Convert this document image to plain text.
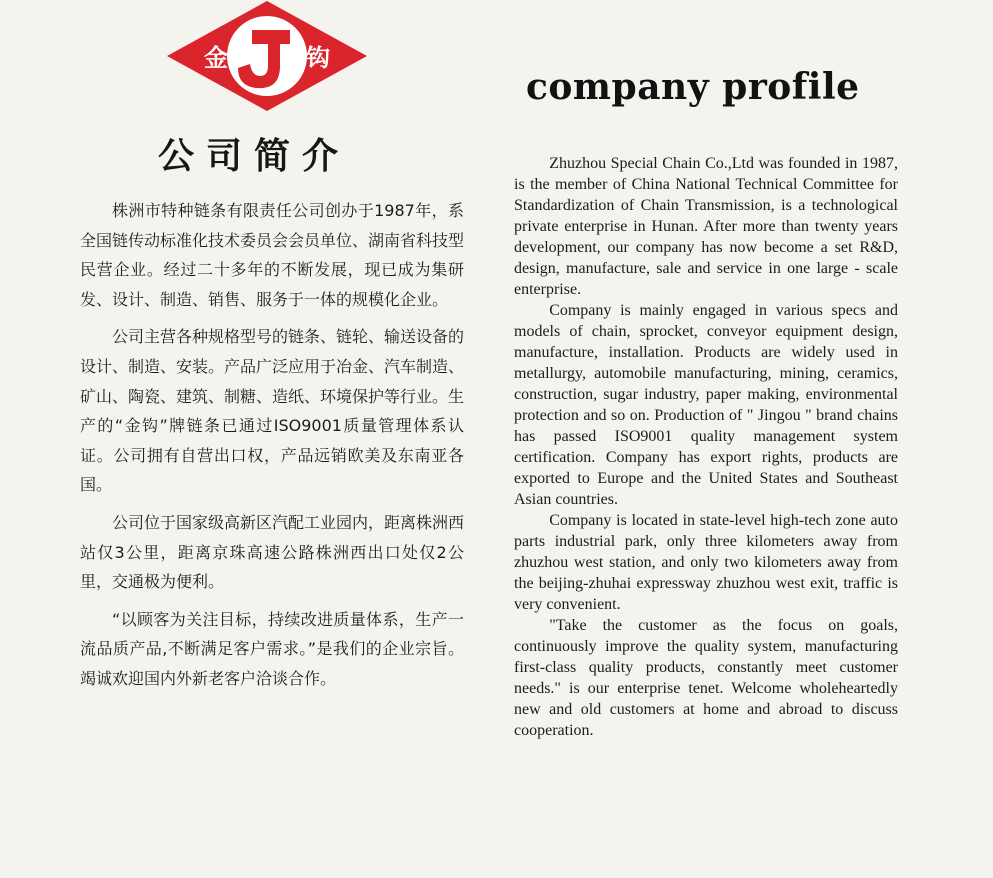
金	钩
公司简介
company profile

株洲市特种链条有限责任公司创办于1987年，系全国链传动标准化技术委员会会员单位、湖南省科技型民营企业。经过二十多年的不断发展，现已成为集研发、设计、制造、销售、服务于一体的规模化企业。

公司主营各种规格型号的链条、链轮、输送设备的设计、制造、安装。产品广泛应用于冶金、汽车制造、矿山、陶瓷、建筑、制糖、造纸、环境保护等行业。生产的“金钩”牌链条已通过ISO9001质量管理体系认证。公司拥有自营出口权，产品远销欧美及东南亚各国。

公司位于国家级高新区汽配工业园内，距离株洲西站仅3公里，距离京珠高速公路株洲西出口处仅2公里，交通极为便利。

“以顾客为关注目标，持续改进质量体系，生产一流品质产品,不断满足客户需求。”是我们的企业宗旨。竭诚欢迎国内外新老客户洽谈合作。

Zhuzhou Special Chain Co.,Ltd was founded in 1987, is the member of China National Technical Committee for Standardization of Chain Transmission, is a technological private enterprise in Hunan. After more than twenty years development, our company has now become a set R&D, design, manufacture, sale and service in one large - scale enterprise.

Company is mainly engaged in various specs and models of chain, sprocket, conveyor equipment design, manufacture, installation. Products are widely used in metallurgy, automobile manufacturing, mining, ceramics, construction, sugar industry, paper making, environmental protection and so on. Production of " Jingou " brand chains has passed ISO9001 quality management system certification. Company has export rights, products are exported to Europe and the United States and Southeast Asian countries.

Company is located in state-level high-tech zone auto parts industrial park, only three kilometers away from zhuzhou west station, and only two kilometers away from the beijing-zhuhai expressway zhuzhou west exit, traffic is very convenient.

"Take the customer as the focus on goals, continuously improve the quality system, manufacturing first-class quality products, constantly meet customer needs." is our enterprise tenet. Welcome wholeheartedly new and old customers at home and abroad to discuss cooperation.
